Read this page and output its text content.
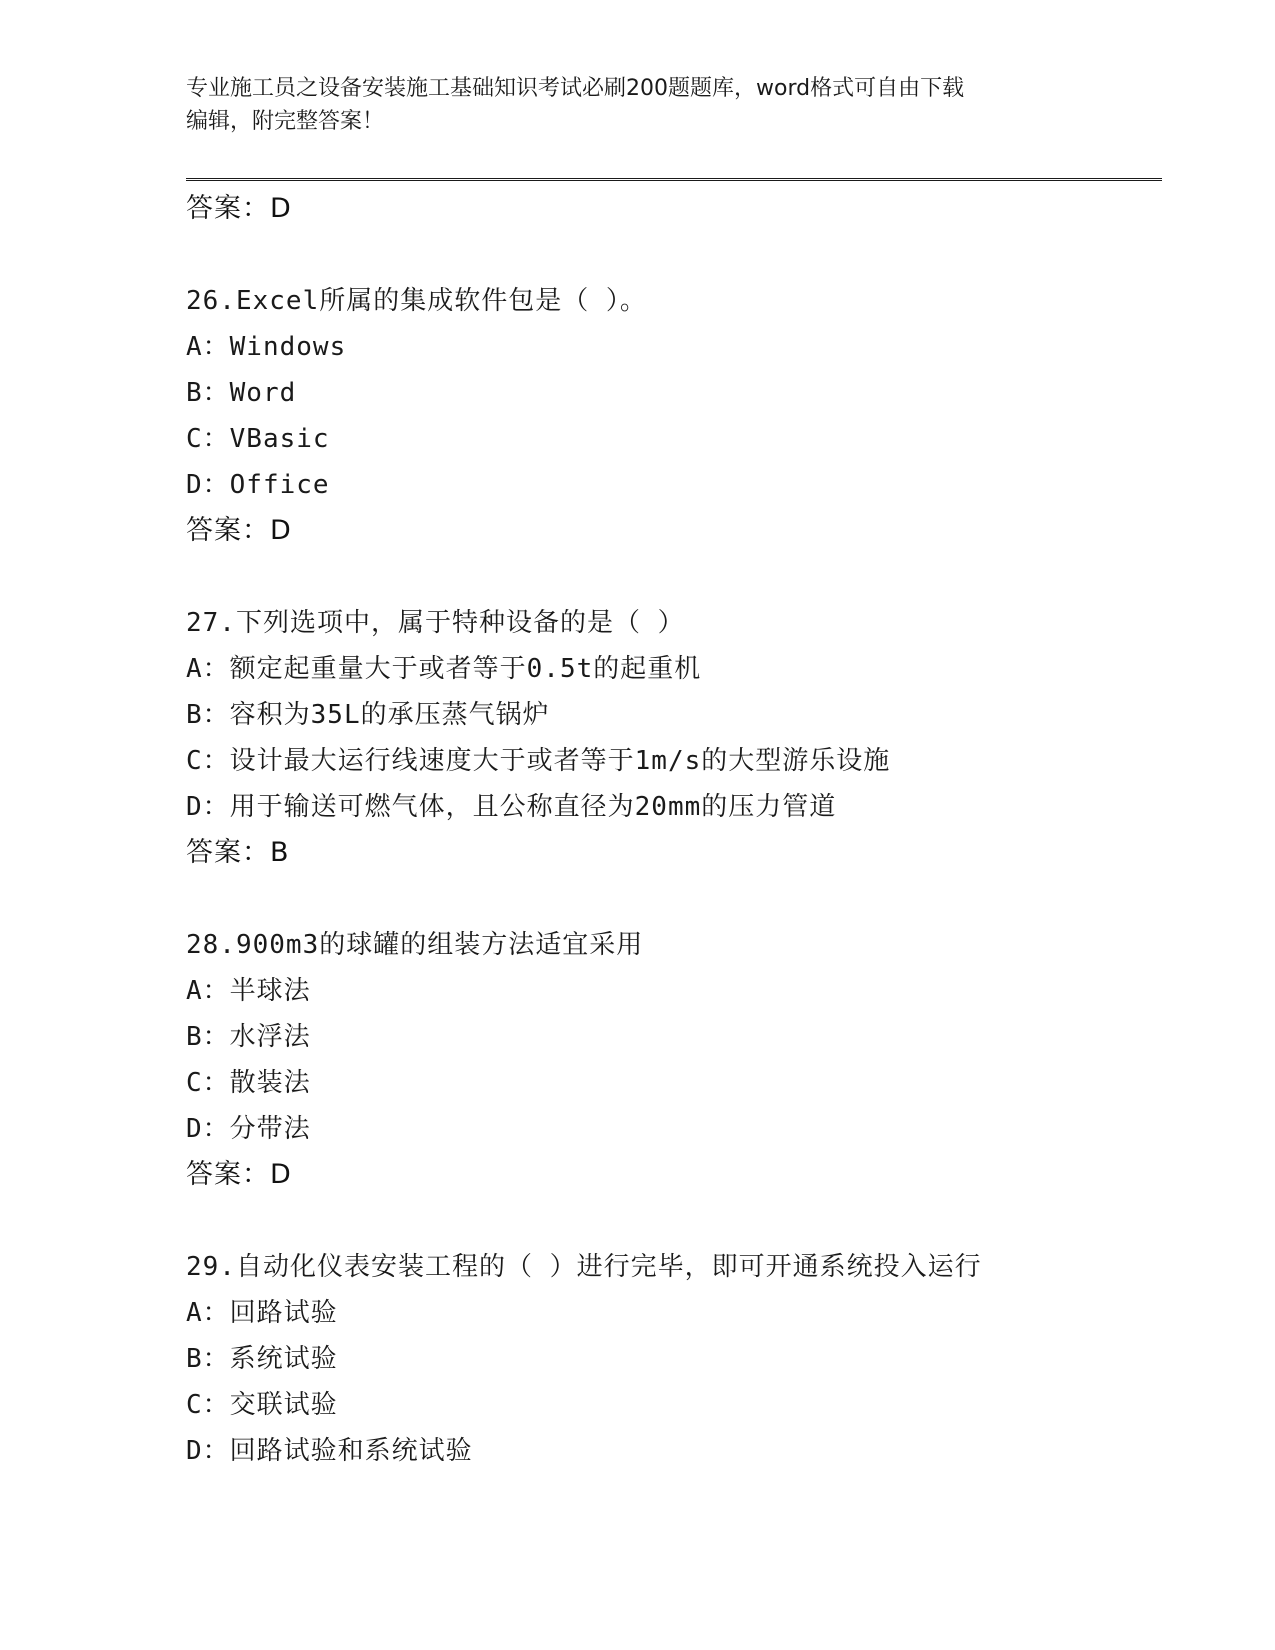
专业施工员之设备安装施工基础知识考试必刷200题题库，word格式可自由下载
编辑，附完整答案！
答案：D
26.Excel所属的集成软件包是（ ）。
A：Windows
B：Word
C：VBasic
D：Office
答案：D
27.下列选项中，属于特种设备的是（ ）
A：额定起重量大于或者等于0.5t的起重机
B：容积为35L的承压蒸气锅炉
C：设计最大运行线速度大于或者等于1m/s的大型游乐设施
D：用于输送可燃气体，且公称直径为20mm的压力管道
答案：B
28.900m3的球罐的组装方法适宜采用
A：半球法
B：水浮法
C：散装法
D：分带法
答案：D
29.自动化仪表安装工程的（ ）进行完毕，即可开通系统投入运行
A：回路试验
B：系统试验
C：交联试验
D：回路试验和系统试验
